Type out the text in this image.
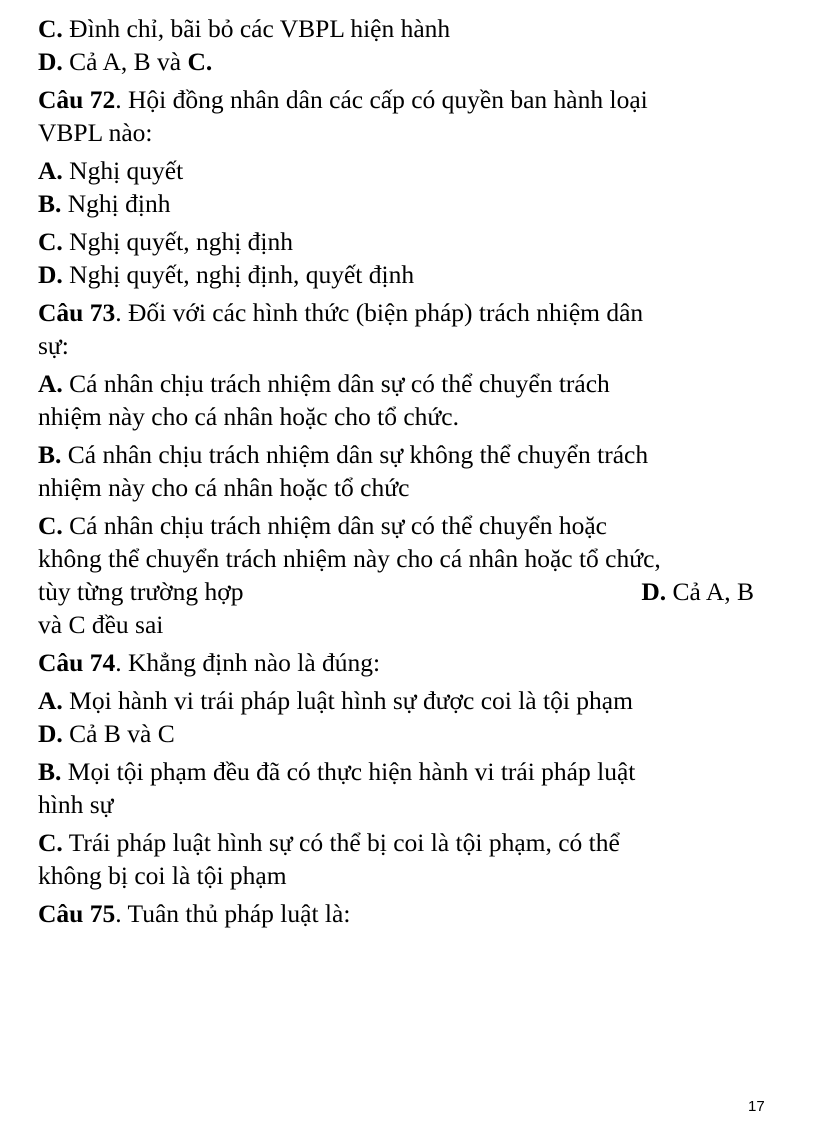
C. Đình chỉ, bãi bỏ các VBPL hiện hành
D. Cả A, B và C.
Câu 72. Hội đồng nhân dân các cấp có quyền ban hành loại
VBPL nào:
A. Nghị quyết
B. Nghị định
C. Nghị quyết, nghị định
D. Nghị quyết, nghị định, quyết định
Câu 73. Đối với các hình thức (biện pháp) trách nhiệm dân
sự:
A. Cá nhân chịu trách nhiệm dân sự có thể chuyển trách
nhiệm này cho cá nhân hoặc cho tổ chức.
B. Cá nhân chịu trách nhiệm dân sự không thể chuyển trách
nhiệm này cho cá nhân hoặc tổ chức
C. Cá nhân chịu trách nhiệm dân sự có thể chuyển hoặc
không thể chuyển trách nhiệm này cho cá nhân hoặc tổ chức,
tùy từng trường hợp	D. Cả A, B
và C đều sai
Câu 74. Khẳng định nào là đúng:
A. Mọi hành vi trái pháp luật hình sự được coi là tội phạm
D. Cả B và C
B. Mọi tội phạm đều đã có thực hiện hành vi trái pháp luật
hình sự
C. Trái pháp luật hình sự có thể bị coi là tội phạm, có thể
không bị coi là tội phạm
Câu 75. Tuân thủ pháp luật là:
17
